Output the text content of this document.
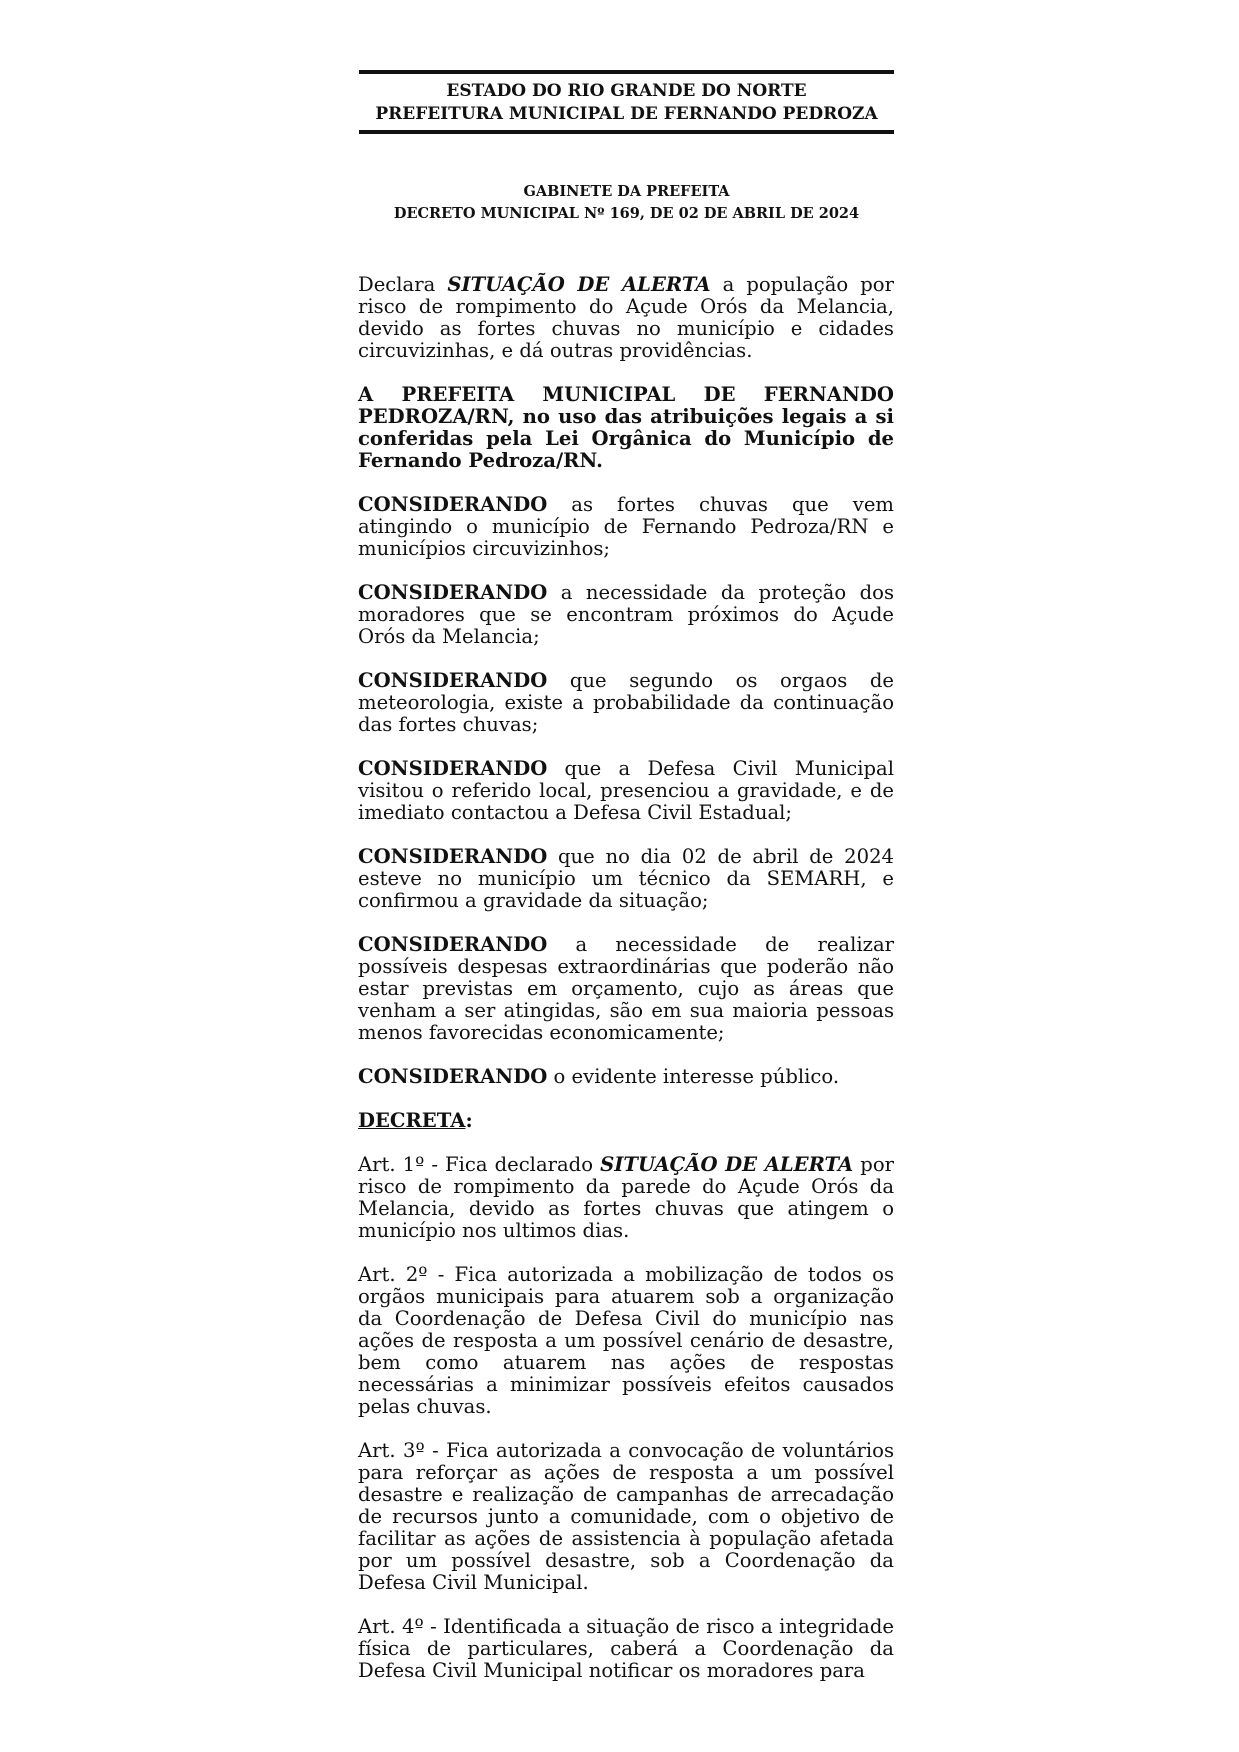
ESTADO DO RIO GRANDE DO NORTE
PREFEITURA MUNICIPAL DE FERNANDO PEDROZA
GABINETE DA PREFEITA
DECRETO MUNICIPAL Nº 169, DE 02 DE ABRIL DE 2024

Declara SITUAÇÃO DE ALERTA a população por risco de rompimento do Açude Orós da Melancia, devido as fortes chuvas no município e cidades circuvizinhas, e dá outras providências.

A PREFEITA MUNICIPAL DE FERNANDO PEDROZA/RN, no uso das atribuições legais a si conferidas pela Lei Orgânica do Município de Fernando Pedroza/RN.

CONSIDERANDO as fortes chuvas que vem atingindo o município de Fernando Pedroza/RN e municípios circuvizinhos;

CONSIDERANDO a necessidade da proteção dos moradores que se encontram próximos do Açude Orós da Melancia;

CONSIDERANDO que segundo os orgaos de meteorologia, existe a probabilidade da continuação das fortes chuvas;

CONSIDERANDO que a Defesa Civil Municipal visitou o referido local, presenciou a gravidade, e de imediato contactou a Defesa Civil Estadual;

CONSIDERANDO que no dia 02 de abril de 2024 esteve no município um técnico da SEMARH, e confirmou a gravidade da situação;

CONSIDERANDO a necessidade de realizar possíveis despesas extraordinárias que poderão não estar previstas em orçamento, cujo as áreas que venham a ser atingidas, são em sua maioria pessoas menos favorecidas economicamente;

CONSIDERANDO o evidente interesse público.

DECRETA:

Art. 1º - Fica declarado SITUAÇÃO DE ALERTA por risco de rompimento da parede do Açude Orós da Melancia, devido as fortes chuvas que atingem o município nos ultimos dias.

Art. 2º - Fica autorizada a mobilização de todos os orgãos municipais para atuarem sob a organização da Coordenação de Defesa Civil do município nas ações de resposta a um possível cenário de desastre, bem como atuarem nas ações de respostas necessárias a minimizar possíveis efeitos causados pelas chuvas.

Art. 3º - Fica autorizada a convocação de voluntários para reforçar as ações de resposta a um possível desastre e realização de campanhas de arrecadação de recursos junto a comunidade, com o objetivo de facilitar as ações de assistencia à população afetada por um possível desastre, sob a Coordenação da Defesa Civil Municipal.

Art. 4º - Identificada a situação de risco a integridade física de particulares, caberá a Coordenação da Defesa Civil Municipal notificar os moradores para
